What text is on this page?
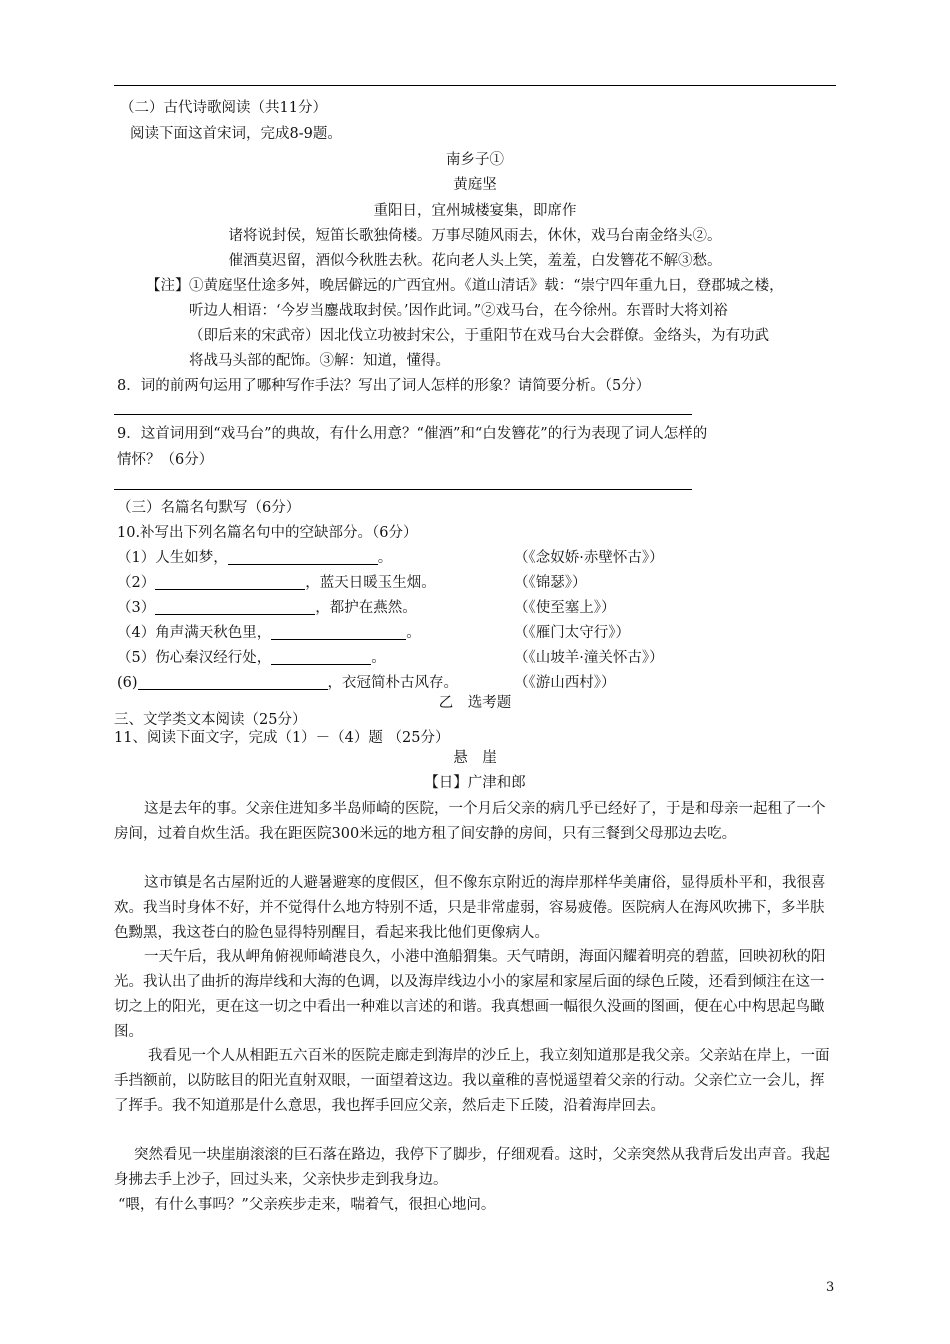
（二）古代诗歌阅读（共11分）
阅读下面这首宋词，完成8-9题。
南乡子①
黄庭坚
重阳日，宜州城楼宴集，即席作
诸将说封侯，短笛长歌独倚楼。万事尽随风雨去，休休，戏马台南金络头②。
催酒莫迟留，酒似今秋胜去秋。花向老人头上笑，羞羞，白发簪花不解③愁。
【注】 ①黄庭坚仕途多舛，晚居僻远的广西宜州。《道山清话》载：“崇宁四年重九日，登郡城之楼，
听边人相语：‘今岁当鏖战取封侯。’因作此词。”②戏马台，在今徐州。东晋时大将刘裕
（即后来的宋武帝）因北伐立功被封宋公，于重阳节在戏马台大会群僚。金络头，为有功武
将战马头部的配饰。③解：知道，懂得。
8．词的前两句运用了哪种写作手法？写出了词人怎样的形象？请简要分析。（5分）
9．这首词用到“戏马台”的典故，有什么用意？“催酒”和“白发簪花”的行为表现了词人怎样的
情怀？（6分）
（三）名篇名句默写（6分）
10.补写出下列名篇名句中的空缺部分。（6分）
（1）人生如梦，	。	（《念奴娇·赤壁怀古》）
（2）	，蓝天日暖玉生烟。	（《锦瑟》）
（3）	，都护在燕然。	（《使至塞上》）
（4）角声满天秋色里，	。	（《雁门太守行》）
（5）伤心秦汉经行处，	。	（《山坡羊·潼关怀古》）
(6)	，衣冠简朴古风存。	（《游山西村》）
乙　选考题
三、文学类文本阅读（25分）
11、阅读下面文字，完成（1）－（4）题 （25分）
悬　崖
【日】广津和郎
这是去年的事。父亲住进知多半岛师崎的医院，一个月后父亲的病几乎已经好了，于是和母亲一起租了一个房间，过着自炊生活。我在距医院300米远的地方租了间安静的房间，只有三餐到父母那边去吃。
这市镇是名古屋附近的人避暑避寒的度假区，但不像东京附近的海岸那样华美庸俗，显得质朴平和，我很喜欢。我当时身体不好，并不觉得什么地方特别不适，只是非常虚弱，容易疲倦。医院病人在海风吹拂下，多半肤色黝黑，我这苍白的脸色显得特别醒目，看起来我比他们更像病人。
一天午后，我从岬角俯视师崎港良久，小港中渔船猬集。天气晴朗，海面闪耀着明亮的碧蓝，回映初秋的阳光。我认出了曲折的海岸线和大海的色调，以及海岸线边小小的家屋和家屋后面的绿色丘陵，还看到倾注在这一切之上的阳光，更在这一切之中看出一种难以言述的和谐。我真想画一幅很久没画的图画，便在心中构思起鸟瞰图。
我看见一个人从相距五六百米的医院走廊走到海岸的沙丘上，我立刻知道那是我父亲。父亲站在岸上，一面手挡额前，以防眩目的阳光直射双眼，一面望着这边。我以童稚的喜悦遥望着父亲的行动。父亲伫立一会儿，挥了挥手。我不知道那是什么意思，我也挥手回应父亲，然后走下丘陵，沿着海岸回去。
突然看见一块崖崩滚滚的巨石落在路边，我停下了脚步，仔细观看。这时，父亲突然从我背后发出声音。我起身拂去手上沙子，回过头来，父亲快步走到我身边。
“喂，有什么事吗？”父亲疾步走来，喘着气，很担心地问。
3
